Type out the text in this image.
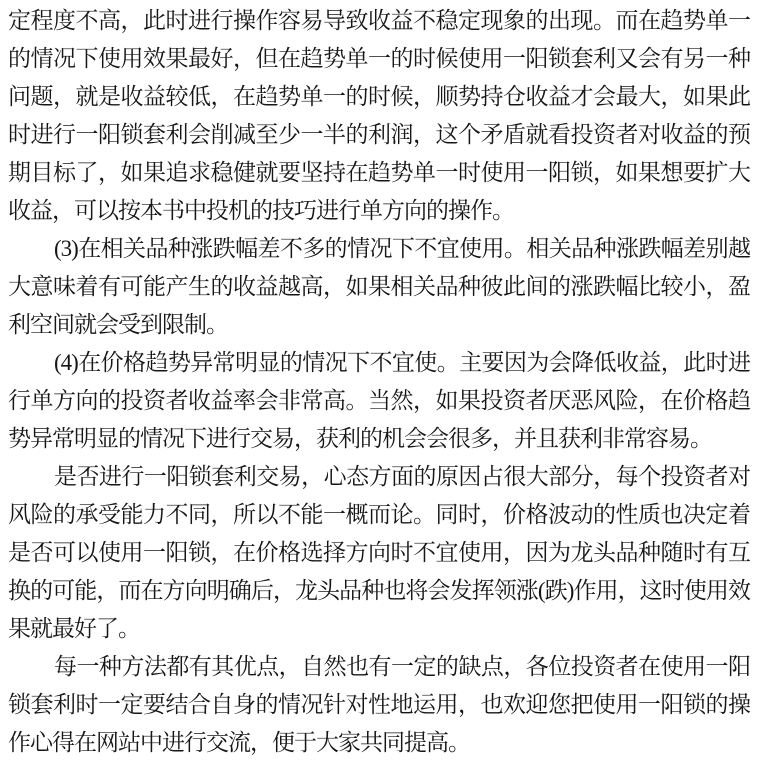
定程度不高，此时进行操作容易导致收益不稳定现象的出现。而在趋势单一的情况下使用效果最好，但在趋势单一的时候使用一阳锁套利又会有另一种问题，就是收益较低，在趋势单一的时候，顺势持仓收益才会最大，如果此时进行一阳锁套利会削减至少一半的利润，这个矛盾就看投资者对收益的预期目标了，如果追求稳健就要坚持在趋势单一时使用一阳锁，如果想要扩大收益，可以按本书中投机的技巧进行单方向的操作。

(3)在相关品种涨跌幅差不多的情况下不宜使用。相关品种涨跌幅差别越大意味着有可能产生的收益越高，如果相关品种彼此间的涨跌幅比较小，盈利空间就会受到限制。

(4)在价格趋势异常明显的情况下不宜使。主要因为会降低收益，此时进行单方向的投资者收益率会非常高。当然，如果投资者厌恶风险，在价格趋势异常明显的情况下进行交易，获利的机会会很多，并且获利非常容易。

是否进行一阳锁套利交易，心态方面的原因占很大部分，每个投资者对风险的承受能力不同，所以不能一概而论。同时，价格波动的性质也决定着是否可以使用一阳锁，在价格选择方向时不宜使用，因为龙头品种随时有互换的可能，而在方向明确后，龙头品种也将会发挥领涨(跌)作用，这时使用效果就最好了。

每一种方法都有其优点，自然也有一定的缺点，各位投资者在使用一阳锁套利时一定要结合自身的情况针对性地运用，也欢迎您把使用一阳锁的操作心得在网站中进行交流，便于大家共同提高。
